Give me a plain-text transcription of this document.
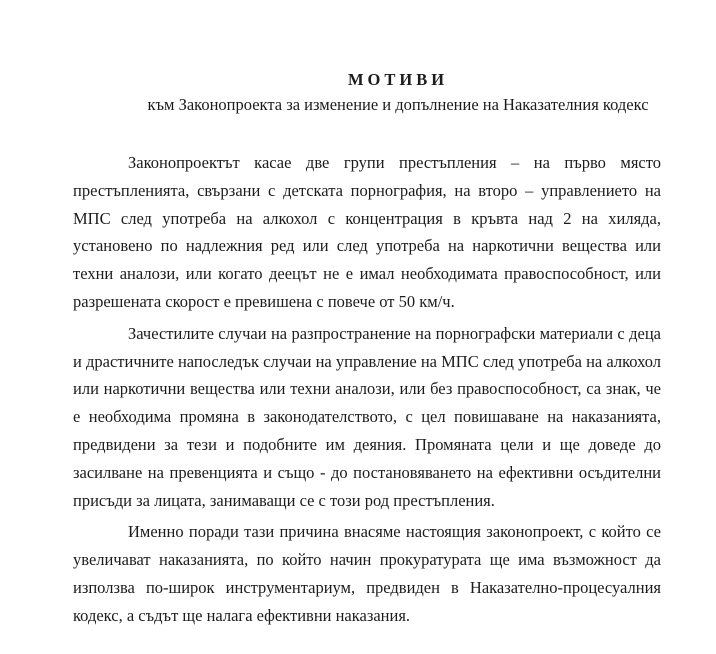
МОТИВИ
към Законопроекта за изменение и допълнение на Наказателния кодекс

Законопроектът касае две групи престъпления – на първо място престъпленията, свързани с детската порнография, на второ – управлението на МПС след употреба на алкохол с концентрация в кръвта над 2 на хиляда, установено по надлежния ред или след употреба на наркотични вещества или техни аналози, или когато деецът не е имал необходимата правоспособност, или разрешената скорост е превишена с повече от 50 км/ч.

Зачестилите случаи на разпространение на порнографски материали с деца и драстичните напоследък случаи на управление на МПС след употреба на алкохол или наркотични вещества или техни аналози, или без правоспособност, са знак, че е необходима промяна в законодателството, с цел повишаване на наказанията, предвидени за тези и подобните им деяния. Промяната цели и ще доведе до засилване на превенцията и също - до постановяването на ефективни осъдителни присъди за лицата, занимаващи се с този род престъпления.

Именно поради тази причина внасяме настоящия законопроект, с който се увеличават наказанията, по който начин прокуратурата ще има възможност да използва по-широк инструментариум, предвиден в Наказателно-процесуалния кодекс, а съдът ще налага ефективни наказания.
